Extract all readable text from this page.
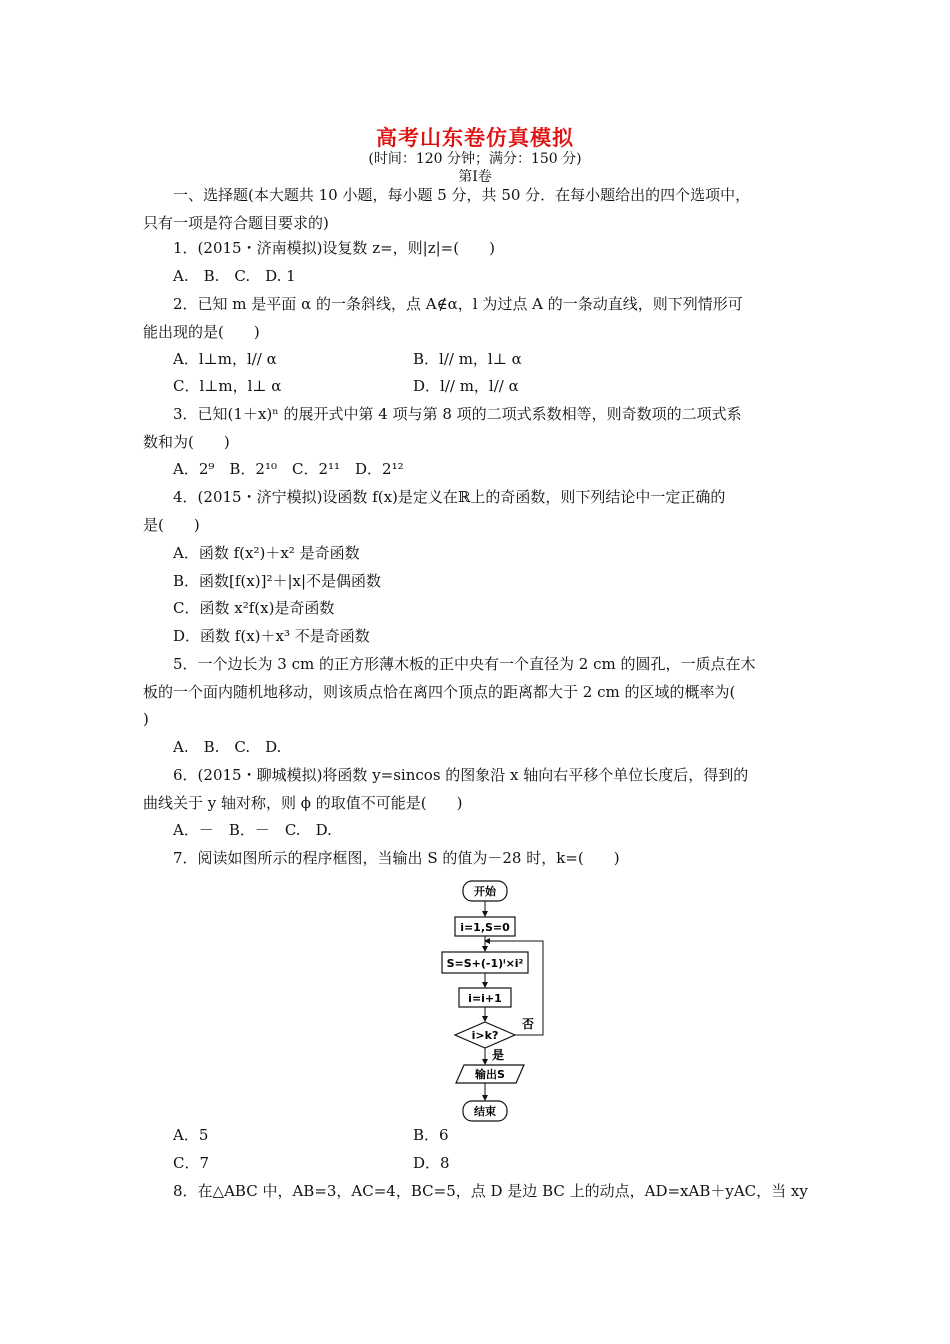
高考山东卷仿真模拟
(时间：120 分钟；满分：150 分)
第Ⅰ卷
一、选择题(本大题共 10 小题，每小题 5 分，共 50 分．在每小题给出的四个选项中，
只有一项是符合题目要求的)
1．(2015・济南模拟)设复数 z=，则|z|=(　　)
A.　B.　C.　D. 1
2．已知 m 是平面 α 的一条斜线，点 A∉α，l 为过点 A 的一条动直线，则下列情形可
能出现的是(　　)
A．l⊥m，l// α	B．l// m，l⊥ α
C．l⊥m，l⊥ α	D．l// m，l// α
3．已知(1＋x)ⁿ 的展开式中第 4 项与第 8 项的二项式系数相等，则奇数项的二项式系
数和为(　　)
A．2⁹　B．2¹⁰　C．2¹¹　D．2¹²
4．(2015・济宁模拟)设函数 f(x)是定义在ℝ上的奇函数，则下列结论中一定正确的
是(　　)
A．函数 f(x²)＋x² 是奇函数
B．函数[f(x)]²＋|x|不是偶函数
C．函数 x²f(x)是奇函数
D．函数 f(x)＋x³ 不是奇函数
5．一个边长为 3 cm 的正方形薄木板的正中央有一个直径为 2 cm 的圆孔，一质点在木
板的一个面内随机地移动，则该质点恰在离四个顶点的距离都大于 2 cm 的区域的概率为(
)
A.　B.　C.　D.
6．(2015・聊城模拟)将函数 y=sincos 的图象沿 x 轴向右平移个单位长度后，得到的
曲线关于 y 轴对称，则 ϕ 的取值不可能是(　　)
A．－　B．－　C.　D.
7．阅读如图所示的程序框图，当输出 S 的值为－28 时，k=(　　)
开始
i=1,S=0
S=S+(-1)ⁱ×i²
i=i+1
i>k?
否
是
输出S
结束
A．5	B．6
C．7	D．8
8．在△ABC 中，AB=3，AC=4，BC=5，点 D 是边 BC 上的动点，AD=xAB＋yAC，当 xy
